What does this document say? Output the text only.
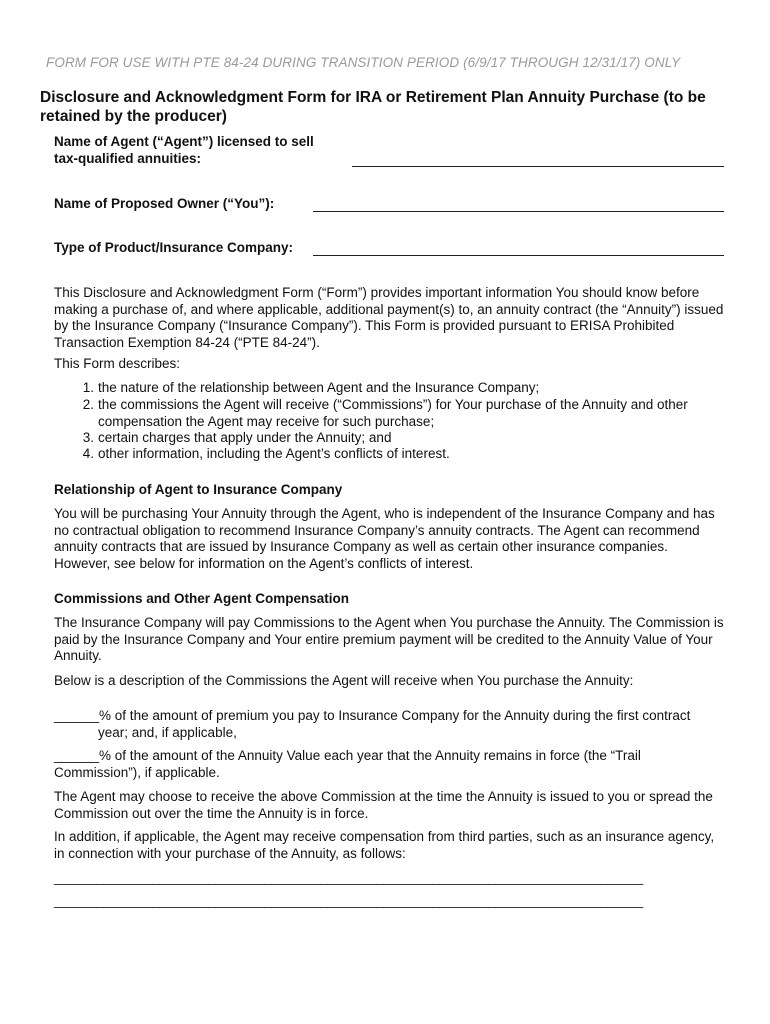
FORM FOR USE WITH PTE 84-24 DURING TRANSITION PERIOD (6/9/17 THROUGH 12/31/17) ONLY
Disclosure and Acknowledgment Form for IRA or Retirement Plan Annuity Purchase (to be retained by the producer)
Name of Agent (“Agent”) licensed to sell
tax-qualified annuities:
Name of Proposed Owner (“You”):
Type of Product/Insurance Company:
This Disclosure and Acknowledgment Form (“Form”) provides important information You should know before making a purchase of, and where applicable, additional payment(s) to, an annuity contract (the “Annuity”) issued by the Insurance Company (“Insurance Company”). This Form is provided pursuant to ERISA Prohibited Transaction Exemption 84-24 (“PTE 84-24”).
This Form describes:
1. the nature of the relationship between Agent and the Insurance Company;
2. the commissions the Agent will receive (“Commissions”) for Your purchase of the Annuity and other compensation the Agent may receive for such purchase;
3. certain charges that apply under the Annuity; and
4. other information, including the Agent’s conflicts of interest.
Relationship of Agent to Insurance Company
You will be purchasing Your Annuity through the Agent, who is independent of the Insurance Company and has no contractual obligation to recommend Insurance Company’s annuity contracts. The Agent can recommend annuity contracts that are issued by Insurance Company as well as certain other insurance companies. However, see below for information on the Agent’s conflicts of interest.
Commissions and Other Agent Compensation
The Insurance Company will pay Commissions to the Agent when You purchase the Annuity. The Commission is paid by the Insurance Company and Your entire premium payment will be credited to the Annuity Value of Your Annuity.
Below is a description of the Commissions the Agent will receive when You purchase the Annuity:
______% of the amount of premium you pay to Insurance Company for the Annuity during the first contract
year; and, if applicable,
______% of the amount of the Annuity Value each year that the Annuity remains in force (the “Trail Commission”), if applicable.
The Agent may choose to receive the above Commission at the time the Annuity is issued to you or spread the Commission out over the time the Annuity is in force.
In addition, if applicable, the Agent may receive compensation from third parties, such as an insurance agency, in connection with your purchase of the Annuity, as follows:
____________________________________________________________________________________
____________________________________________________________________________________
